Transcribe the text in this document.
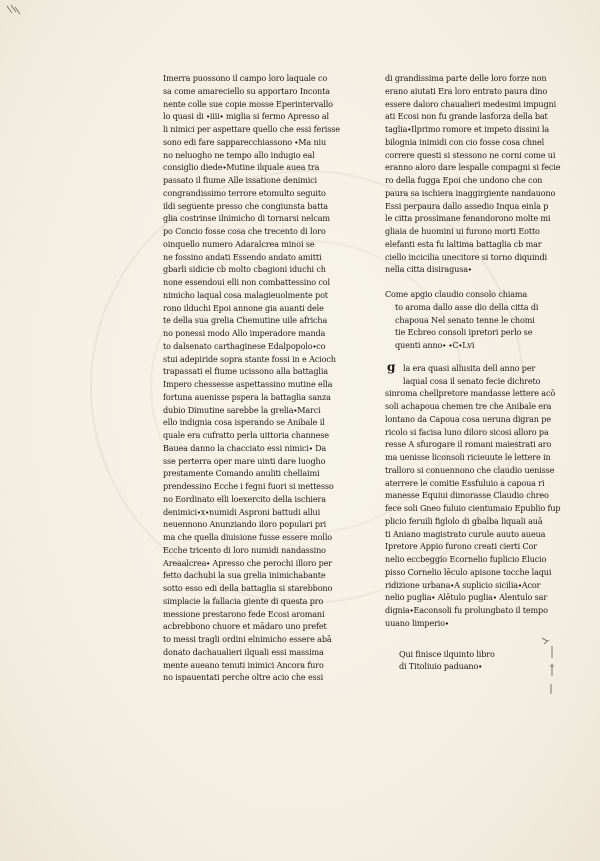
Imerra puossono il campo loro laquale co
sa come amareciello su apportaro Inconta
nente colle sue copie mosse Eperintervallo
lo quasi di ∙iiii∙ miglia si fermo Apresso al
li nimici per aspettare quello che essi ferisse
sono edi fare sapparecchiassono ∙Ma niu
no neluogho ne tempo allo indugio eal
consiglio diede∙Mutine ilquale auea tra
passato il fiume Alle issatione denimici
congrandissimo terrore etomulto seguito
ildi seguente presso che congiunsta batta
glia costrinse ilnimicho di tornarsi nelcam
po Concio fosse cosa che trecento di loro
oinquello numero Adaralcrea minoi se
ne fossino andati Essendo andato amitti
gbarli sidicie cb molto cbagioni iduchi ch
none essendoui elli non combattessino col
nimicho laqual cosa malagieuolmente pot
rono ilduchi Epoi annone gia auanti dele
te della sua grelia Chemutine uile africha
no ponessi modo Allo imperadore manda
to dalsenato carthaginese Edalpopolo∙co
stui adepiride sopra stante fossi in e Acioch
trapassati el fiume ucissono alla battaglia
Impero chessesse aspettassino mutine ella
fortuna auenisse pspera la battaglia sanza
dubio Dimutine sarebbe la grelia∙Marci
ello indignia cosa isperando se Anibale il
quale era cufratto perla uittoria channese
Bauea danno la chacciato essi nimici∙ Da
sse perterra oper mare uinti dare luogho
prestamente Comando anuliti chellaimi
prendessino Ecche i fegni fuori si mettesso
no Eordinato elli loexercito della ischiera
denimici∙x∙numidi Asproni battudi allui
neuennono Anunziando iloro populari pri
ma che quella diuisione fusse essere mollo
Ecche tricento di loro numidi nandassino
Areaalcrea∙ Apresso che perochi illoro per
fetto dachubi la sua grelia inimichabante
sotto esso edi della battaglia si starebbono
simplacie la fallacia giente di questa pro
messione prestarono fede Ecosi aromani
acbrebbono chuore et mādaro uno prefet
to messi tragli ordini elnimicho essere abā
donato dachaualieri ilquali essi massima
mente aueano tenuti inimici Ancora furo
no ispauentati perche oltre acio che essi
di grandissima parte delle loro forze non
erano aiutati Era loro entrato paura dino
essere daloro chaualieri medesimi impugni
ati Ecosi non fu grande lasforza della bat
taglia∙Ilprimo romore et impeto dissini la
bilognia inimidi con cio fosse cosa chnel
correre questi si stessono ne corni come ui
eranno aloro dare lespalle compagni si fecie
ro della fugga Epoi che undono che con
paura sa ischiera inaggirgiente nandauono
Essi perpaura dallo assedio Inqua einla p
le citta prossimane fenandorono molte mi
gliaia de huomini ui furono morti Eotto
elefanti esta fu laltima battaglia cb mar
ciello incicilia unecitore si torno diquindi
nella citta disiragusa∙
Come apgio claudio consolo chiama
to aroma dallo asse dio della citta di
chapoua Nel senato tenne le chomi
tie Ecbreo consoli ipretori perlo se
quenti anno∙ ∙C∙Lvi
g la era quasi allusita dell anno per
laqual cosa il senato fecie dichreto
sinroma chellpretore mandasse lettere acō
soli achapoua chemen tre che Anibale era
lontano da Capoua cosa ueruna digran pe
ricolo si facisa luno diloro sicosi alloro pa
resse A sfurogare il romani maiestrati aro
ma uenisse liconsoli ricieuute le lettere in
tralloro si conuennono che claudio uenisse
aterrere le comitie Essfuluio a capoua ri
manesse Equiui dimorasse Claudio chreo
fece soli Gneo fuluio cientumaio Epublio fup
plicio feruili figlolo di gbalba liquali auā
ti Aniano magistrato curule auuto aueua
Ipretore Appio furono creati cierti Cor
nelio eccbeggio Ecornelio fuplicio Elucio
pisso Cornelio lēculo apisone tocche laqui
ridizione urbana∙A suplicio sicilia∙Acor
nelio puglia∙ Alētulo puglia∙ Alentulo sar
dignia∙Eaconsoli fu prolungbato il tempo
uuano limperio∙
Qui finisce ilquinto libro
di Titoliuio paduano∙
